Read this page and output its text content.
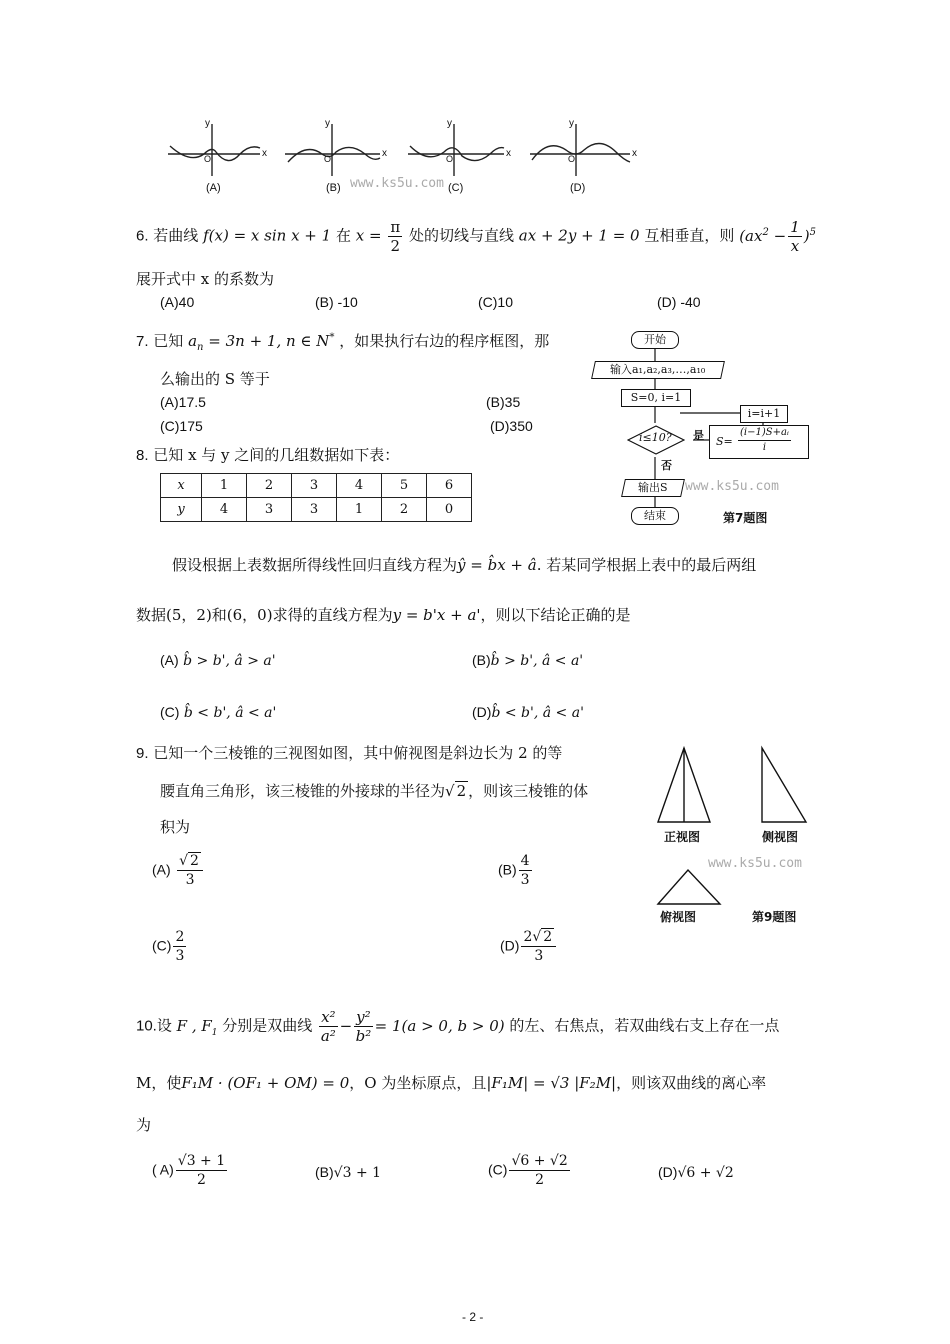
y	y	y	y
x	x	x	x
O	O	O	O
(A)	(B)	(C)	(D)
www.ks5u.com
6. 若曲线 f(x) = x sin x + 1 在 $x = \frac{\pi}{2}$ 处的切线与直线 ax + 2y + 1 = 0 互相垂直，则 $(ax^2 - \frac{1}{x} )^5$
展开式中 x 的系数为
(A)40	(B) -10	(C)10	(D) -40
7. 已知 $a_n = 3n + 1$, n ∈ N* ，如果执行右边的程序框图，那
么输出的 S 等于
(A)17.5	(B)35
(C)175	(D)350
开始
输入a₁,a₂,a₃,…,a₁₀
S=0, i=1
i=i+1
i≤10? 是
否
$S= \frac{\text{(i−1)S+aᵢ}}{i}$
输出S
结束	第7题图
www.ks5u.com
8. 已知 x 与 y 之间的几组数据如下表：
x	1	2	3	4	5	6
y	4	3	3	1	2	0
假设根据上表数据所得线性回归直线方程为ŷ = b̂x + â. 若某同学根据上表中的最后两组
数据(5，2)和(6，0)求得的直线方程为y = b'x + a'，则以下结论正确的是
(A) b̂ > b', â > a'	(B)b̂ > b', â < a'
(C) b̂ < b', â < a'	(D)b̂ < b', â < a'
9. 已知一个三棱锥的三视图如图，其中俯视图是斜边长为 2 的等
腰直角三角形，该三棱锥的外接球的半径为√ 2 ，则该三棱锥的体
积为
$(A) \frac{√ 2}{3}$	$(B) \frac{4}{3}$
$(C) \frac{2}{3}$	$(D) \frac{2√ 2}{3}$
正视图	侧视图
俯视图	第9题图
www.ks5u.com
10.设 F , $F_1$ 分别是双曲线 $\frac{\text{x²}}{\text{a²}} - \frac{\text{y²}}{\text{b²}} = 1(a > 0$, b > 0) 的左、右焦点，若双曲线右支上存在一点
M，使F₁M · (OF₁ + OM) = 0，O 为坐标原点，且|F₁M| = √3 |F₂M|，则该双曲线的离心率
为
( $A) \frac{√3 + 1}{2}$	(B)√3 + 1	$(C) \frac{√6 + √2}{2}$	(D)√6 + √2
- 2 -
